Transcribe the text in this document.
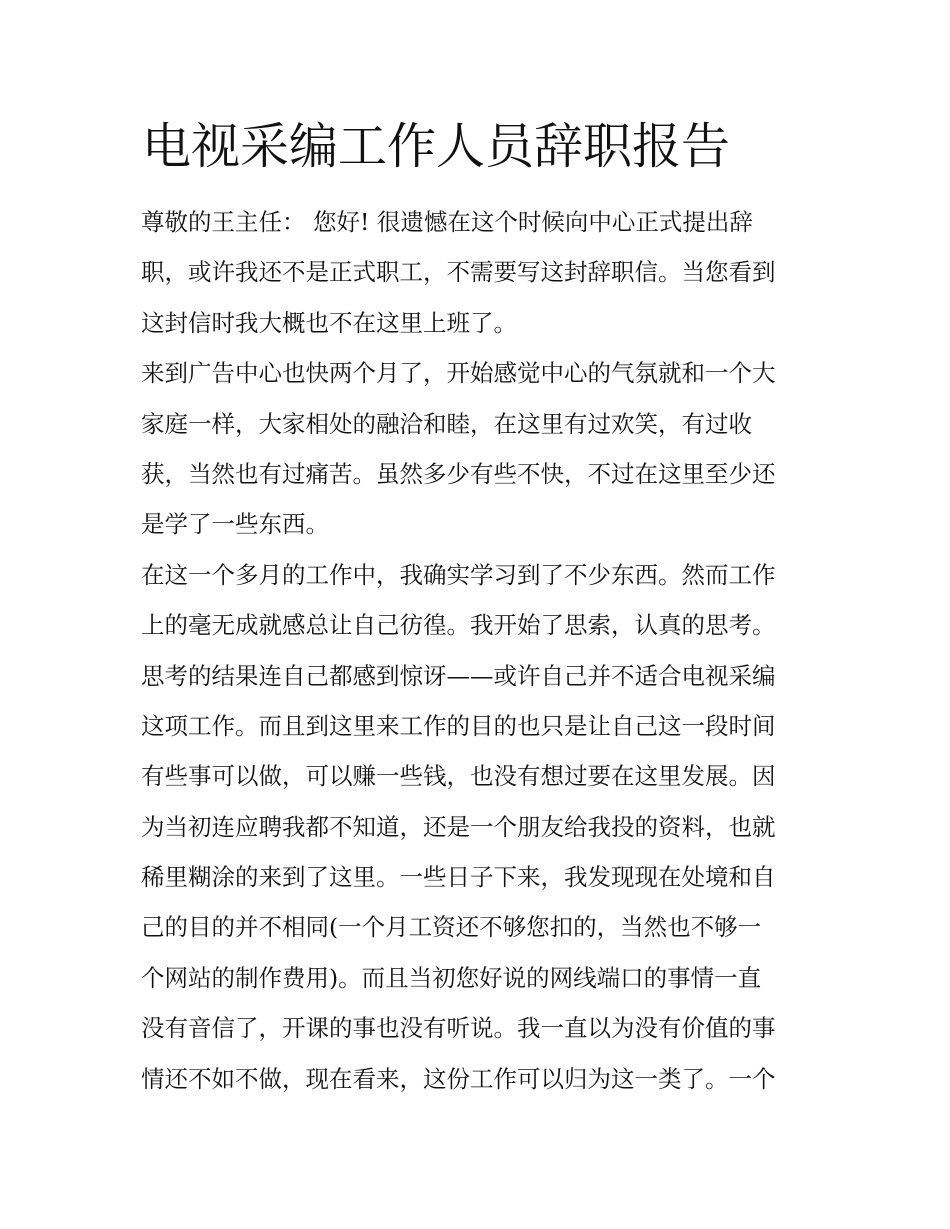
电视采编工作人员辞职报告
尊敬的王主任： 您好! 很遗憾在这个时候向中心正式提出辞
职，或许我还不是正式职工，不需要写这封辞职信。当您看到
这封信时我大概也不在这里上班了。
来到广告中心也快两个月了，开始感觉中心的气氛就和一个大
家庭一样，大家相处的融洽和睦，在这里有过欢笑，有过收
获，当然也有过痛苦。虽然多少有些不快，不过在这里至少还
是学了一些东西。
在这一个多月的工作中，我确实学习到了不少东西。然而工作
上的毫无成就感总让自己彷徨。我开始了思索，认真的思考。
思考的结果连自己都感到惊讶——或许自己并不适合电视采编
这项工作。而且到这里来工作的目的也只是让自己这一段时间
有些事可以做，可以赚一些钱，也没有想过要在这里发展。因
为当初连应聘我都不知道，还是一个朋友给我投的资料，也就
稀里糊涂的来到了这里。一些日子下来，我发现现在处境和自
己的目的并不相同(一个月工资还不够您扣的，当然也不够一
个网站的制作费用)。而且当初您好说的网线端口的事情一直
没有音信了，开课的事也没有听说。我一直以为没有价值的事
情还不如不做，现在看来，这份工作可以归为这一类了。一个
